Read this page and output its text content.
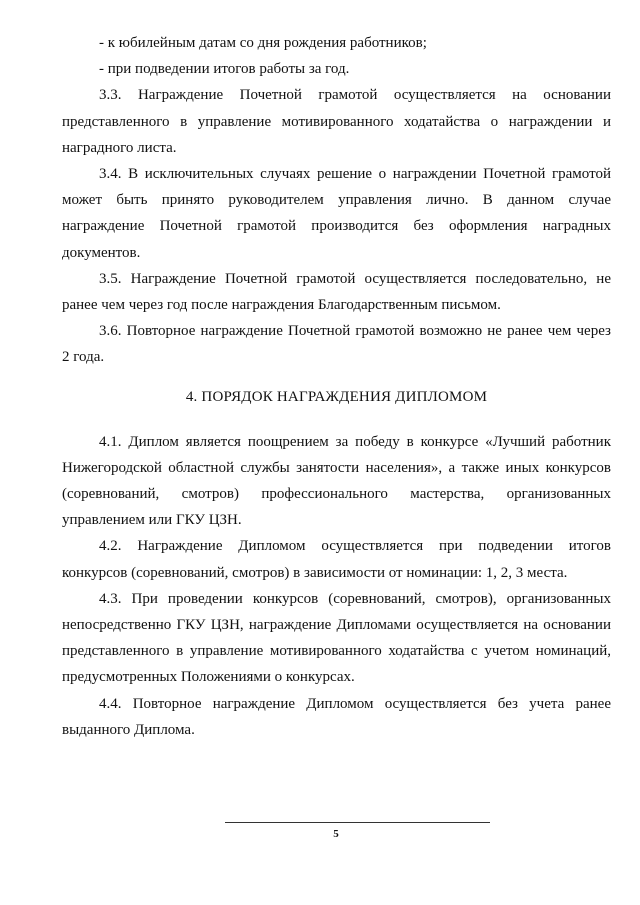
- к юбилейным датам со дня рождения работников;
- при подведении итогов работы за год.
3.3. Награждение Почетной грамотой осуществляется на основании
представленного в управление мотивированного ходатайства о награждении и
наградного листа.
3.4. В исключительных случаях решение о награждении Почетной грамотой
может быть принято руководителем управления лично. В данном случае
награждение Почетной грамотой производится без оформления наградных
документов.
3.5. Награждение Почетной грамотой осуществляется последовательно, не
ранее чем через год после награждения Благодарственным письмом.
3.6. Повторное награждение Почетной грамотой возможно не ранее чем через
2 года.
4. ПОРЯДОК НАГРАЖДЕНИЯ ДИПЛОМОМ
4.1. Диплом является поощрением за победу в конкурсе «Лучший работник
Нижегородской областной службы занятости населения», а также иных конкурсов
(соревнований, смотров) профессионального мастерства, организованных
управлением или ГКУ ЦЗН.
4.2. Награждение Дипломом осуществляется при подведении итогов
конкурсов (соревнований, смотров) в зависимости от номинации: 1, 2, 3 места.
4.3. При проведении конкурсов (соревнований, смотров), организованных
непосредственно ГКУ ЦЗН, награждение Дипломами осуществляется на основании
представленного в управление мотивированного ходатайства с учетом номинаций,
предусмотренных Положениями о конкурсах.
4.4. Повторное награждение Дипломом осуществляется без учета ранее
выданного Диплома.
5
